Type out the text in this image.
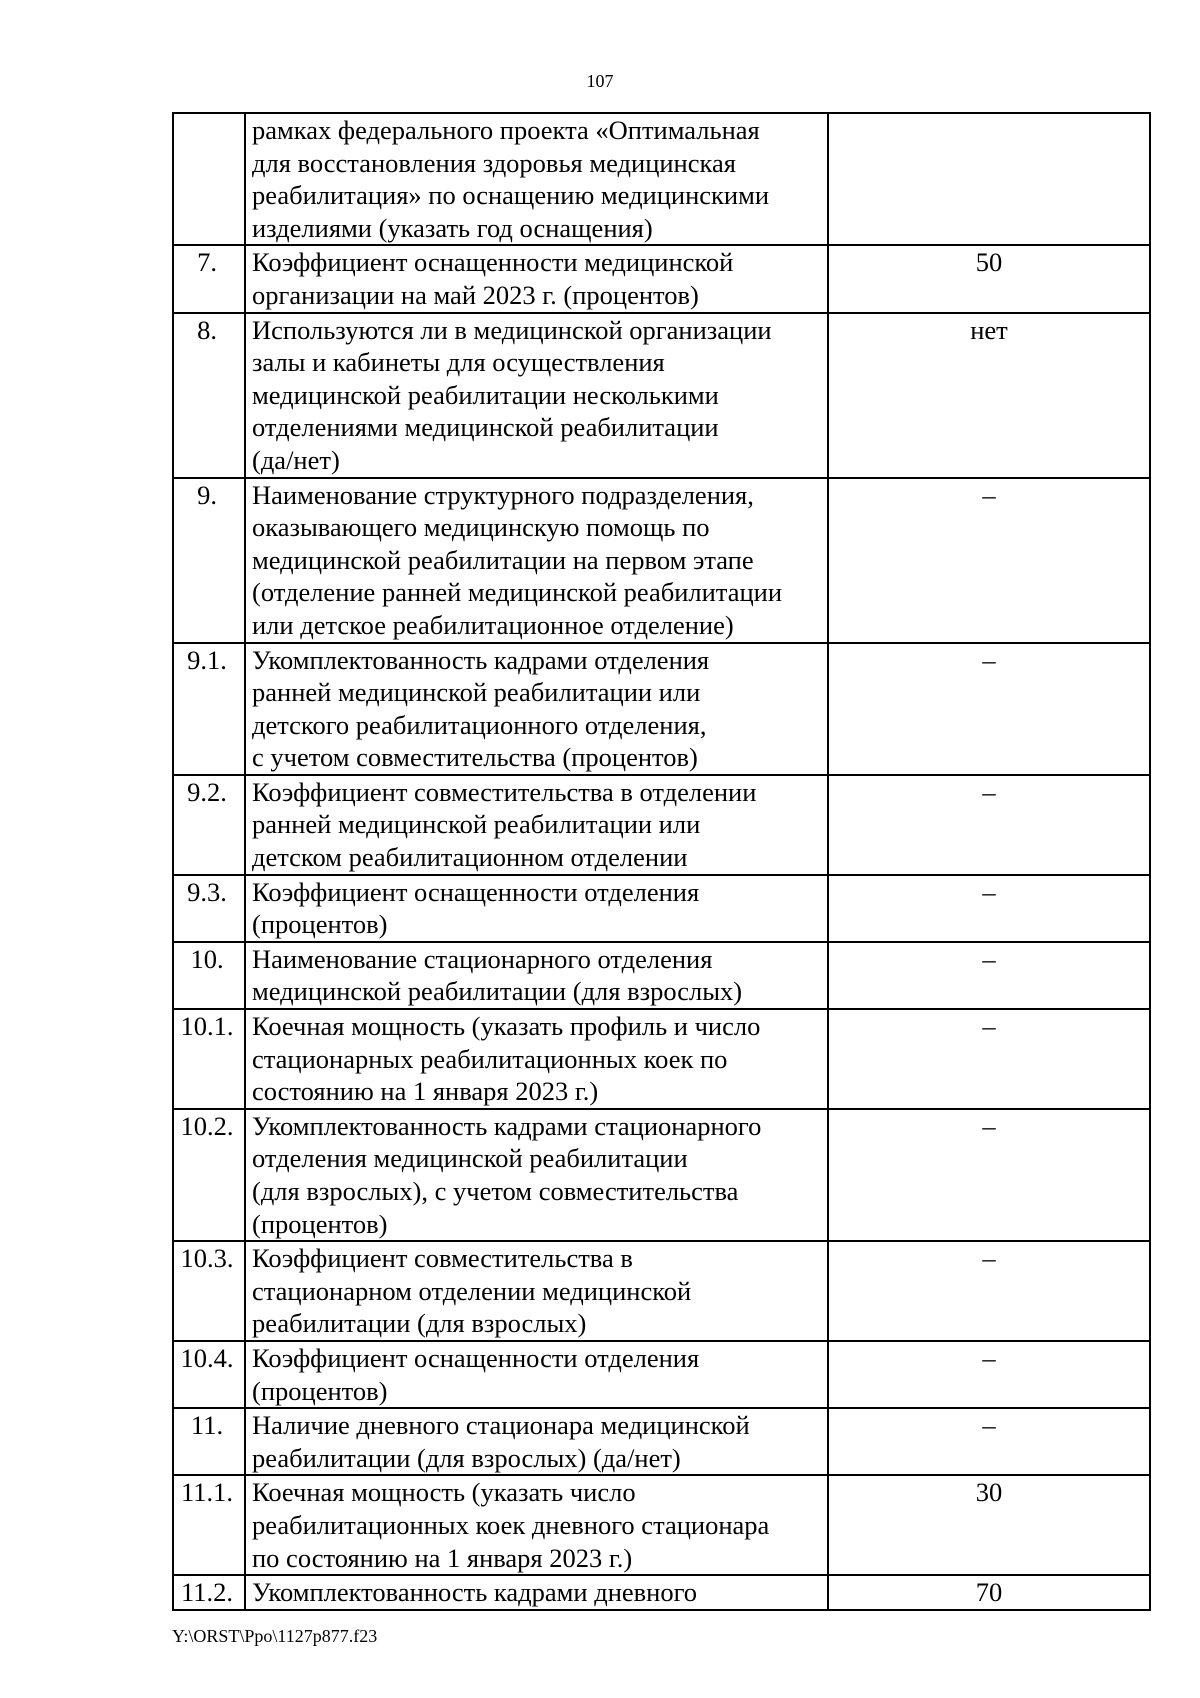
107

	рамках федерального проекта «Оптимальная
для восстановления здоровья медицинская
реабилитация» по оснащению медицинскими
изделиями (указать год оснащения)	

7.	Коэффициент оснащенности медицинской
организации на май 2023 г. (процентов)	50
8.	Используются ли в медицинской организации
залы и кабинеты для осуществления
медицинской реабилитации несколькими
отделениями медицинской реабилитации
(да/нет)	нет
9.	Наименование структурного подразделения,
оказывающего медицинскую помощь по
медицинской реабилитации на первом этапе
(отделение ранней медицинской реабилитации
или детское реабилитационное отделение)	–
9.1.	Укомплектованность кадрами отделения
ранней медицинской реабилитации или
детского реабилитационного отделения,
с учетом совместительства (процентов)	–
9.2.	Коэффициент совместительства в отделении
ранней медицинской реабилитации или
детском реабилитационном отделении	–
9.3.	Коэффициент оснащенности отделения
(процентов)	–
10.	Наименование стационарного отделения
медицинской реабилитации (для взрослых)	–
10.1.	Коечная мощность (указать профиль и число
стационарных реабилитационных коек по
состоянию на 1 января 2023 г.)	–
10.2.	Укомплектованность кадрами стационарного
отделения медицинской реабилитации
(для взрослых), с учетом совместительства
(процентов)	–
10.3.	Коэффициент совместительства в
стационарном отделении медицинской
реабилитации (для взрослых)	–
10.4.	Коэффициент оснащенности отделения
(процентов)	–
11.	Наличие дневного стационара медицинской
реабилитации (для взрослых) (да/нет)	–
11.1.	Коечная мощность (указать число
реабилитационных коек дневного стационара
по состоянию на 1 января 2023 г.)	30
11.2.	Укомплектованность кадрами дневного	70
Y:\ORST\Ppo\1127p877.f23
